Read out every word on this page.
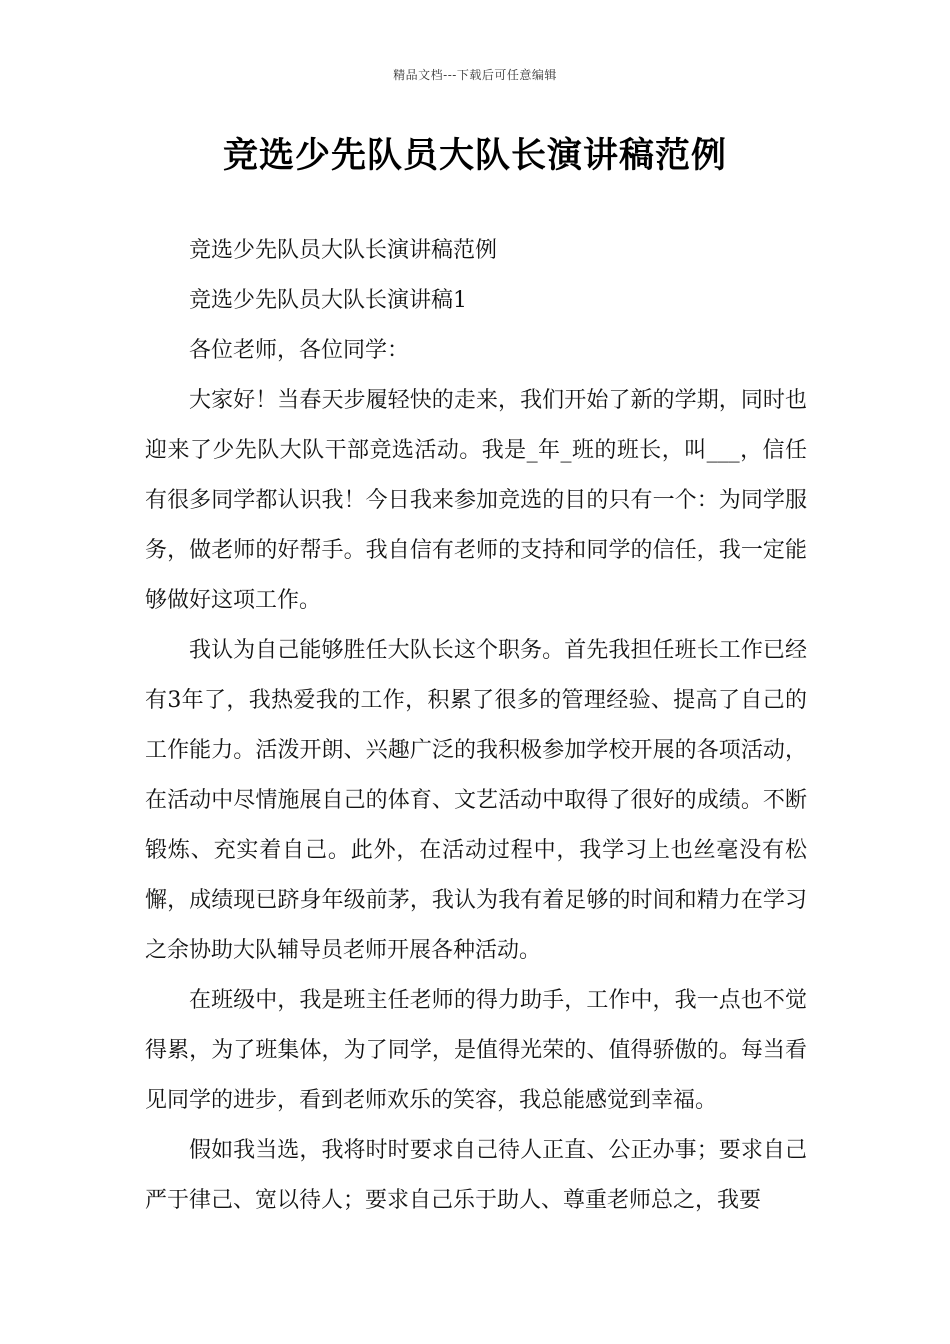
精品文档---下载后可任意编辑
竞选少先队员大队长演讲稿范例

竞选少先队员大队长演讲稿范例

竞选少先队员大队长演讲稿1

各位老师，各位同学：

大家好！当春天步履轻快的走来，我们开始了新的学期，同时也迎来了少先队大队干部竞选活动。我是_年_班的班长，叫___，信任有很多同学都认识我！今日我来参加竞选的目的只有一个：为同学服务，做老师的好帮手。我自信有老师的支持和同学的信任，我一定能够做好这项工作。

我认为自己能够胜任大队长这个职务。首先我担任班长工作已经有3年了，我热爱我的工作，积累了很多的管理经验、提高了自己的工作能力。活泼开朗、兴趣广泛的我积极参加学校开展的各项活动，在活动中尽情施展自己的体育、文艺活动中取得了很好的成绩。不断锻炼、充实着自己。此外，在活动过程中，我学习上也丝毫没有松懈，成绩现已跻身年级前茅，我认为我有着足够的时间和精力在学习之余协助大队辅导员老师开展各种活动。

在班级中，我是班主任老师的得力助手，工作中，我一点也不觉得累，为了班集体，为了同学，是值得光荣的、值得骄傲的。每当看见同学的进步，看到老师欢乐的笑容，我总能感觉到幸福。

假如我当选，我将时时要求自己待人正直、公正办事；要求自己严于律己、宽以待人；要求自己乐于助人、尊重老师总之，我要
